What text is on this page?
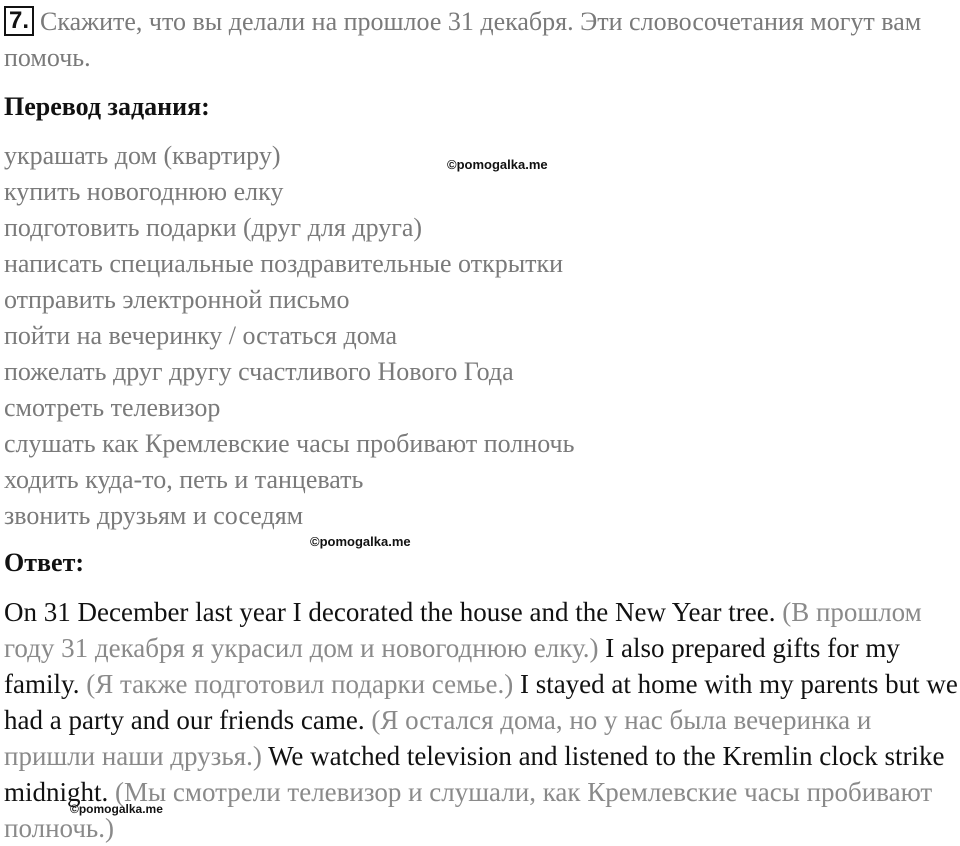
7. Скажите, что вы делали на прошлое 31 декабря. Эти словосочетания могут вам помочь.
Перевод задания:
украшать дом (квартиру)
купить новогоднюю елку
подготовить подарки (друг для друга)
написать специальные поздравительные открытки
отправить электронной письмо
пойти на вечеринку / остаться дома
пожелать друг другу счастливого Нового Года
смотреть телевизор
слушать как Кремлевские часы пробивают полночь
ходить куда-то, петь и танцевать
звонить друзьям и соседям
Ответ:

On 31 December last year I decorated the house and the New Year tree. (В прошлом году 31 декабря я украсил дом и новогоднюю елку.) I also prepared gifts for my family. (Я также подготовил подарки семье.) I stayed at home with my parents but we had a party and our friends came. (Я остался дома, но у нас была вечеринка и пришли наши друзья.) We watched television and listened to the Kremlin clock strike midnight. (Мы смотрели телевизор и слушали, как Кремлевские часы пробивают полночь.)

©pomogalka.me
©pomogalka.me
©pomogalka.me
